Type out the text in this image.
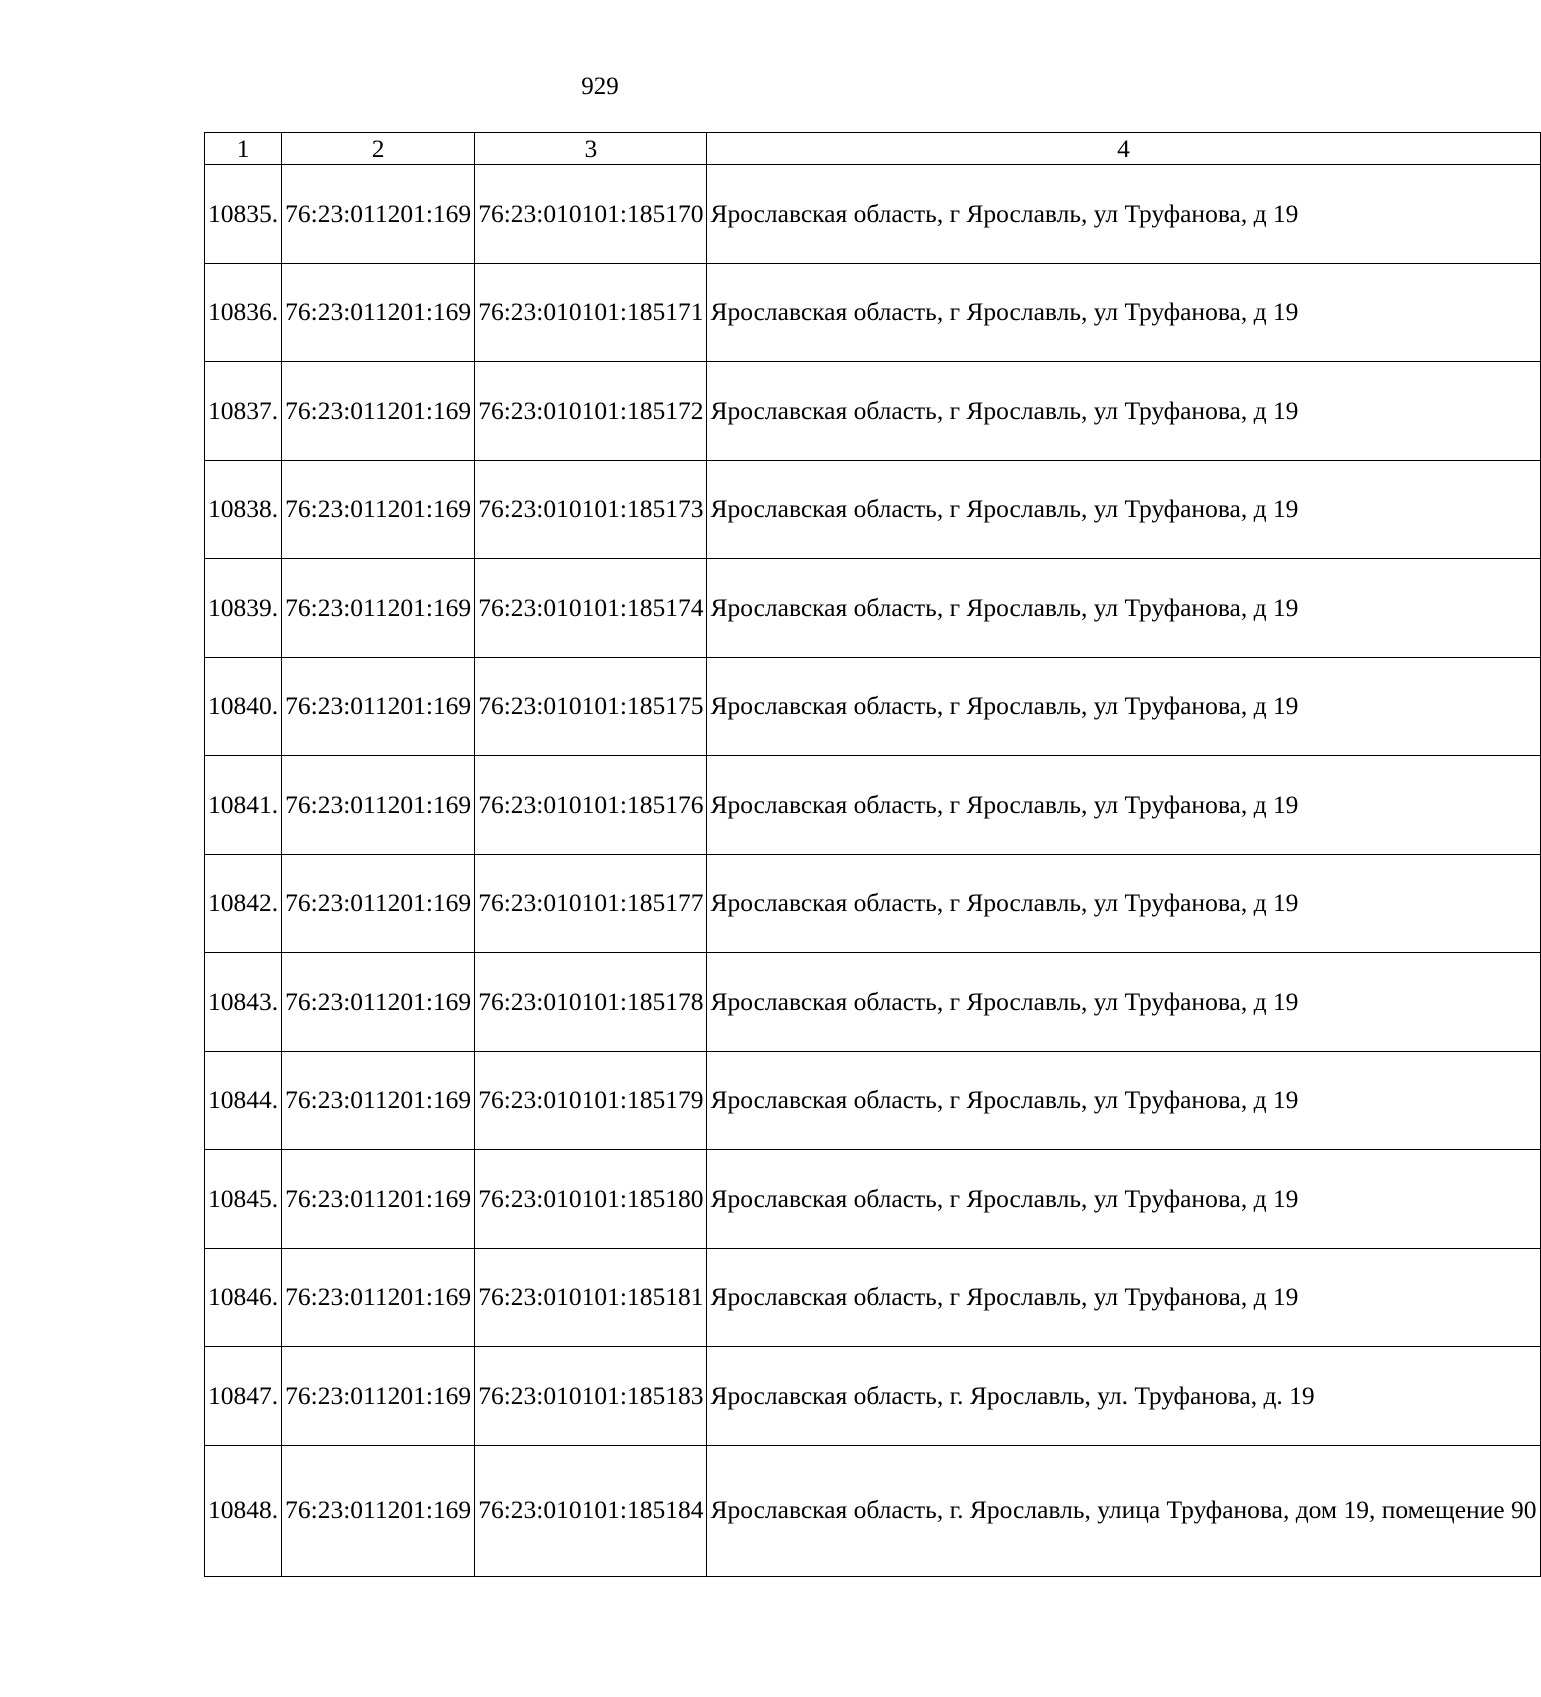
929
1	2	3	4
10835.	76:23:011201:169	76:23:010101:185170	Ярославская область, г Ярославль, ул Труфанова, д 19
10836.	76:23:011201:169	76:23:010101:185171	Ярославская область, г Ярославль, ул Труфанова, д 19
10837.	76:23:011201:169	76:23:010101:185172	Ярославская область, г Ярославль, ул Труфанова, д 19
10838.	76:23:011201:169	76:23:010101:185173	Ярославская область, г Ярославль, ул Труфанова, д 19
10839.	76:23:011201:169	76:23:010101:185174	Ярославская область, г Ярославль, ул Труфанова, д 19
10840.	76:23:011201:169	76:23:010101:185175	Ярославская область, г Ярославль, ул Труфанова, д 19
10841.	76:23:011201:169	76:23:010101:185176	Ярославская область, г Ярославль, ул Труфанова, д 19
10842.	76:23:011201:169	76:23:010101:185177	Ярославская область, г Ярославль, ул Труфанова, д 19
10843.	76:23:011201:169	76:23:010101:185178	Ярославская область, г Ярославль, ул Труфанова, д 19
10844.	76:23:011201:169	76:23:010101:185179	Ярославская область, г Ярославль, ул Труфанова, д 19
10845.	76:23:011201:169	76:23:010101:185180	Ярославская область, г Ярославль, ул Труфанова, д 19
10846.	76:23:011201:169	76:23:010101:185181	Ярославская область, г Ярославль, ул Труфанова, д 19
10847.	76:23:011201:169	76:23:010101:185183	Ярославская область, г. Ярославль, ул. Труфанова, д. 19
10848.	76:23:011201:169	76:23:010101:185184	Ярославская область, г. Ярославль, улица Труфанова, дом 19, помещение 90
